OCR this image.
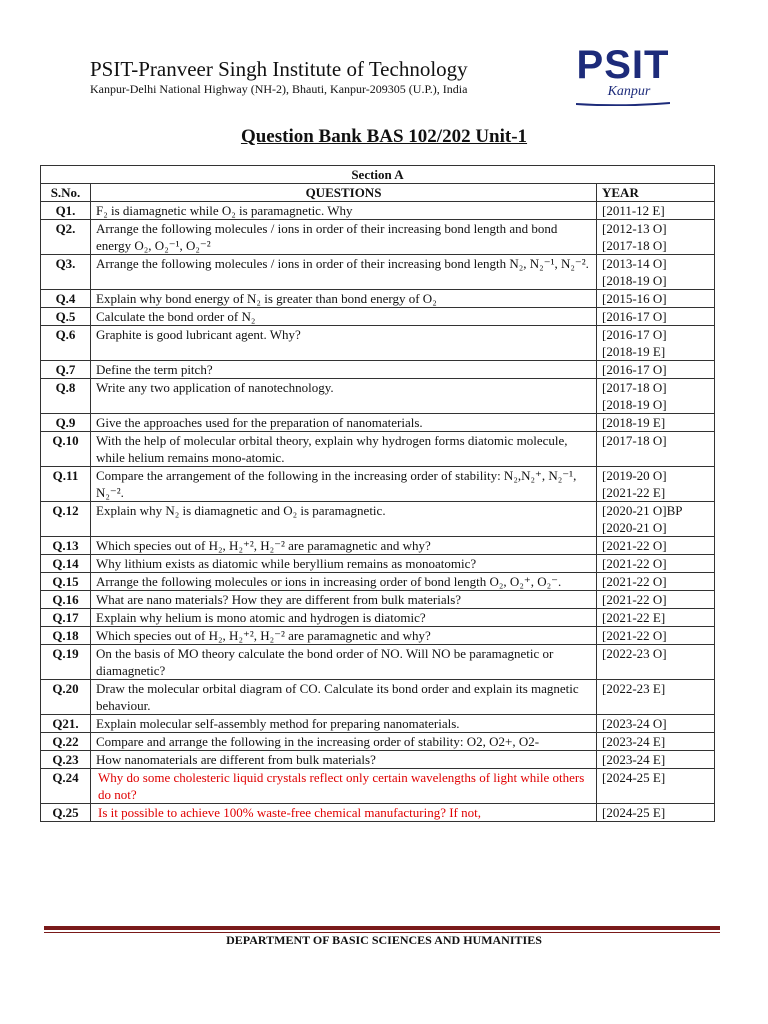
PSIT-Pranveer Singh Institute of Technology
Kanpur-Delhi National Highway (NH-2), Bhauti, Kanpur-209305 (U.P.), India
PSIT
Kanpur
Question Bank BAS 102/202 Unit-1
Section A		
S.No.	QUESTIONS	YEAR
Q1.	F₂ is diamagnetic while O₂ is paramagnetic. Why	[2011-12 E]

Q2.	Arrange the following molecules / ions in order of their increasing bond length and bond energy O₂, O₂⁻¹, O₂⁻²	[2012-13 O]
[2017-18 O]

Q3.	Arrange the following molecules / ions in order of their increasing bond length N₂, N₂⁻¹, N₂⁻².	[2013-14 O]
[2018-19 O]

Q.4	Explain why bond energy of N₂ is greater than bond energy of O₂	[2015-16 O]

Q.5	Calculate the bond order of N₂	[2016-17 O]

Q.6	Graphite is good lubricant agent. Why?	[2016-17 O]
[2018-19 E]

Q.7	Define the term pitch?	[2016-17 O]

Q.8	Write any two application of nanotechnology.	[2017-18 O]
[2018-19 O]

Q.9	Give the approaches used for the preparation of nanomaterials.	[2018-19 E]

Q.10	With the help of molecular orbital theory, explain why hydrogen forms diatomic molecule, while helium remains mono-atomic.	[2017-18 O]

Q.11	Compare the arrangement of the following in the increasing order of stability: N₂,N₂⁺, N₂⁻¹, N₂⁻².	[2019-20 O]
[2021-22 E]

Q.12	Explain why N₂ is diamagnetic and O₂ is paramagnetic.	[2020-21 O]BP
[2020-21 O]

Q.13	Which species out of H₂, H₂⁺², H₂⁻² are paramagnetic and why?	[2021-22 O]

Q.14	Why lithium exists as diatomic while beryllium remains as monoatomic?	[2021-22 O]

Q.15	Arrange the following molecules or ions in increasing order of bond length O₂, O₂⁺, O₂⁻.	[2021-22 O]

Q.16	What are nano materials? How they are different from bulk materials?	[2021-22 O]

Q.17	Explain why helium is mono atomic and hydrogen is diatomic?	[2021-22 E]

Q.18	Which species out of H₂, H₂⁺², H₂⁻² are paramagnetic and why?	[2021-22 O]

Q.19	On the basis of MO theory calculate the bond order of NO. Will NO be paramagnetic or diamagnetic?	[2022-23 O]

Q.20	Draw the molecular orbital diagram of CO. Calculate its bond order and explain its magnetic behaviour.	[2022-23 E]

Q21.	Explain molecular self-assembly method for preparing nanomaterials.	[2023-24 O]

Q.22	Compare and arrange the following in the increasing order of stability: O2, O2+, O2-	[2023-24 E]

Q.23	How nanomaterials are different from bulk materials?	[2023-24 E]

Q.24	Why do some cholesteric liquid crystals reflect only certain wavelengths of light while others do not?	[2024-25 E]

Q.25	Is it possible to achieve 100% waste-free chemical manufacturing? If not,	[2024-25 E]
DEPARTMENT OF BASIC SCIENCES AND HUMANITIES
